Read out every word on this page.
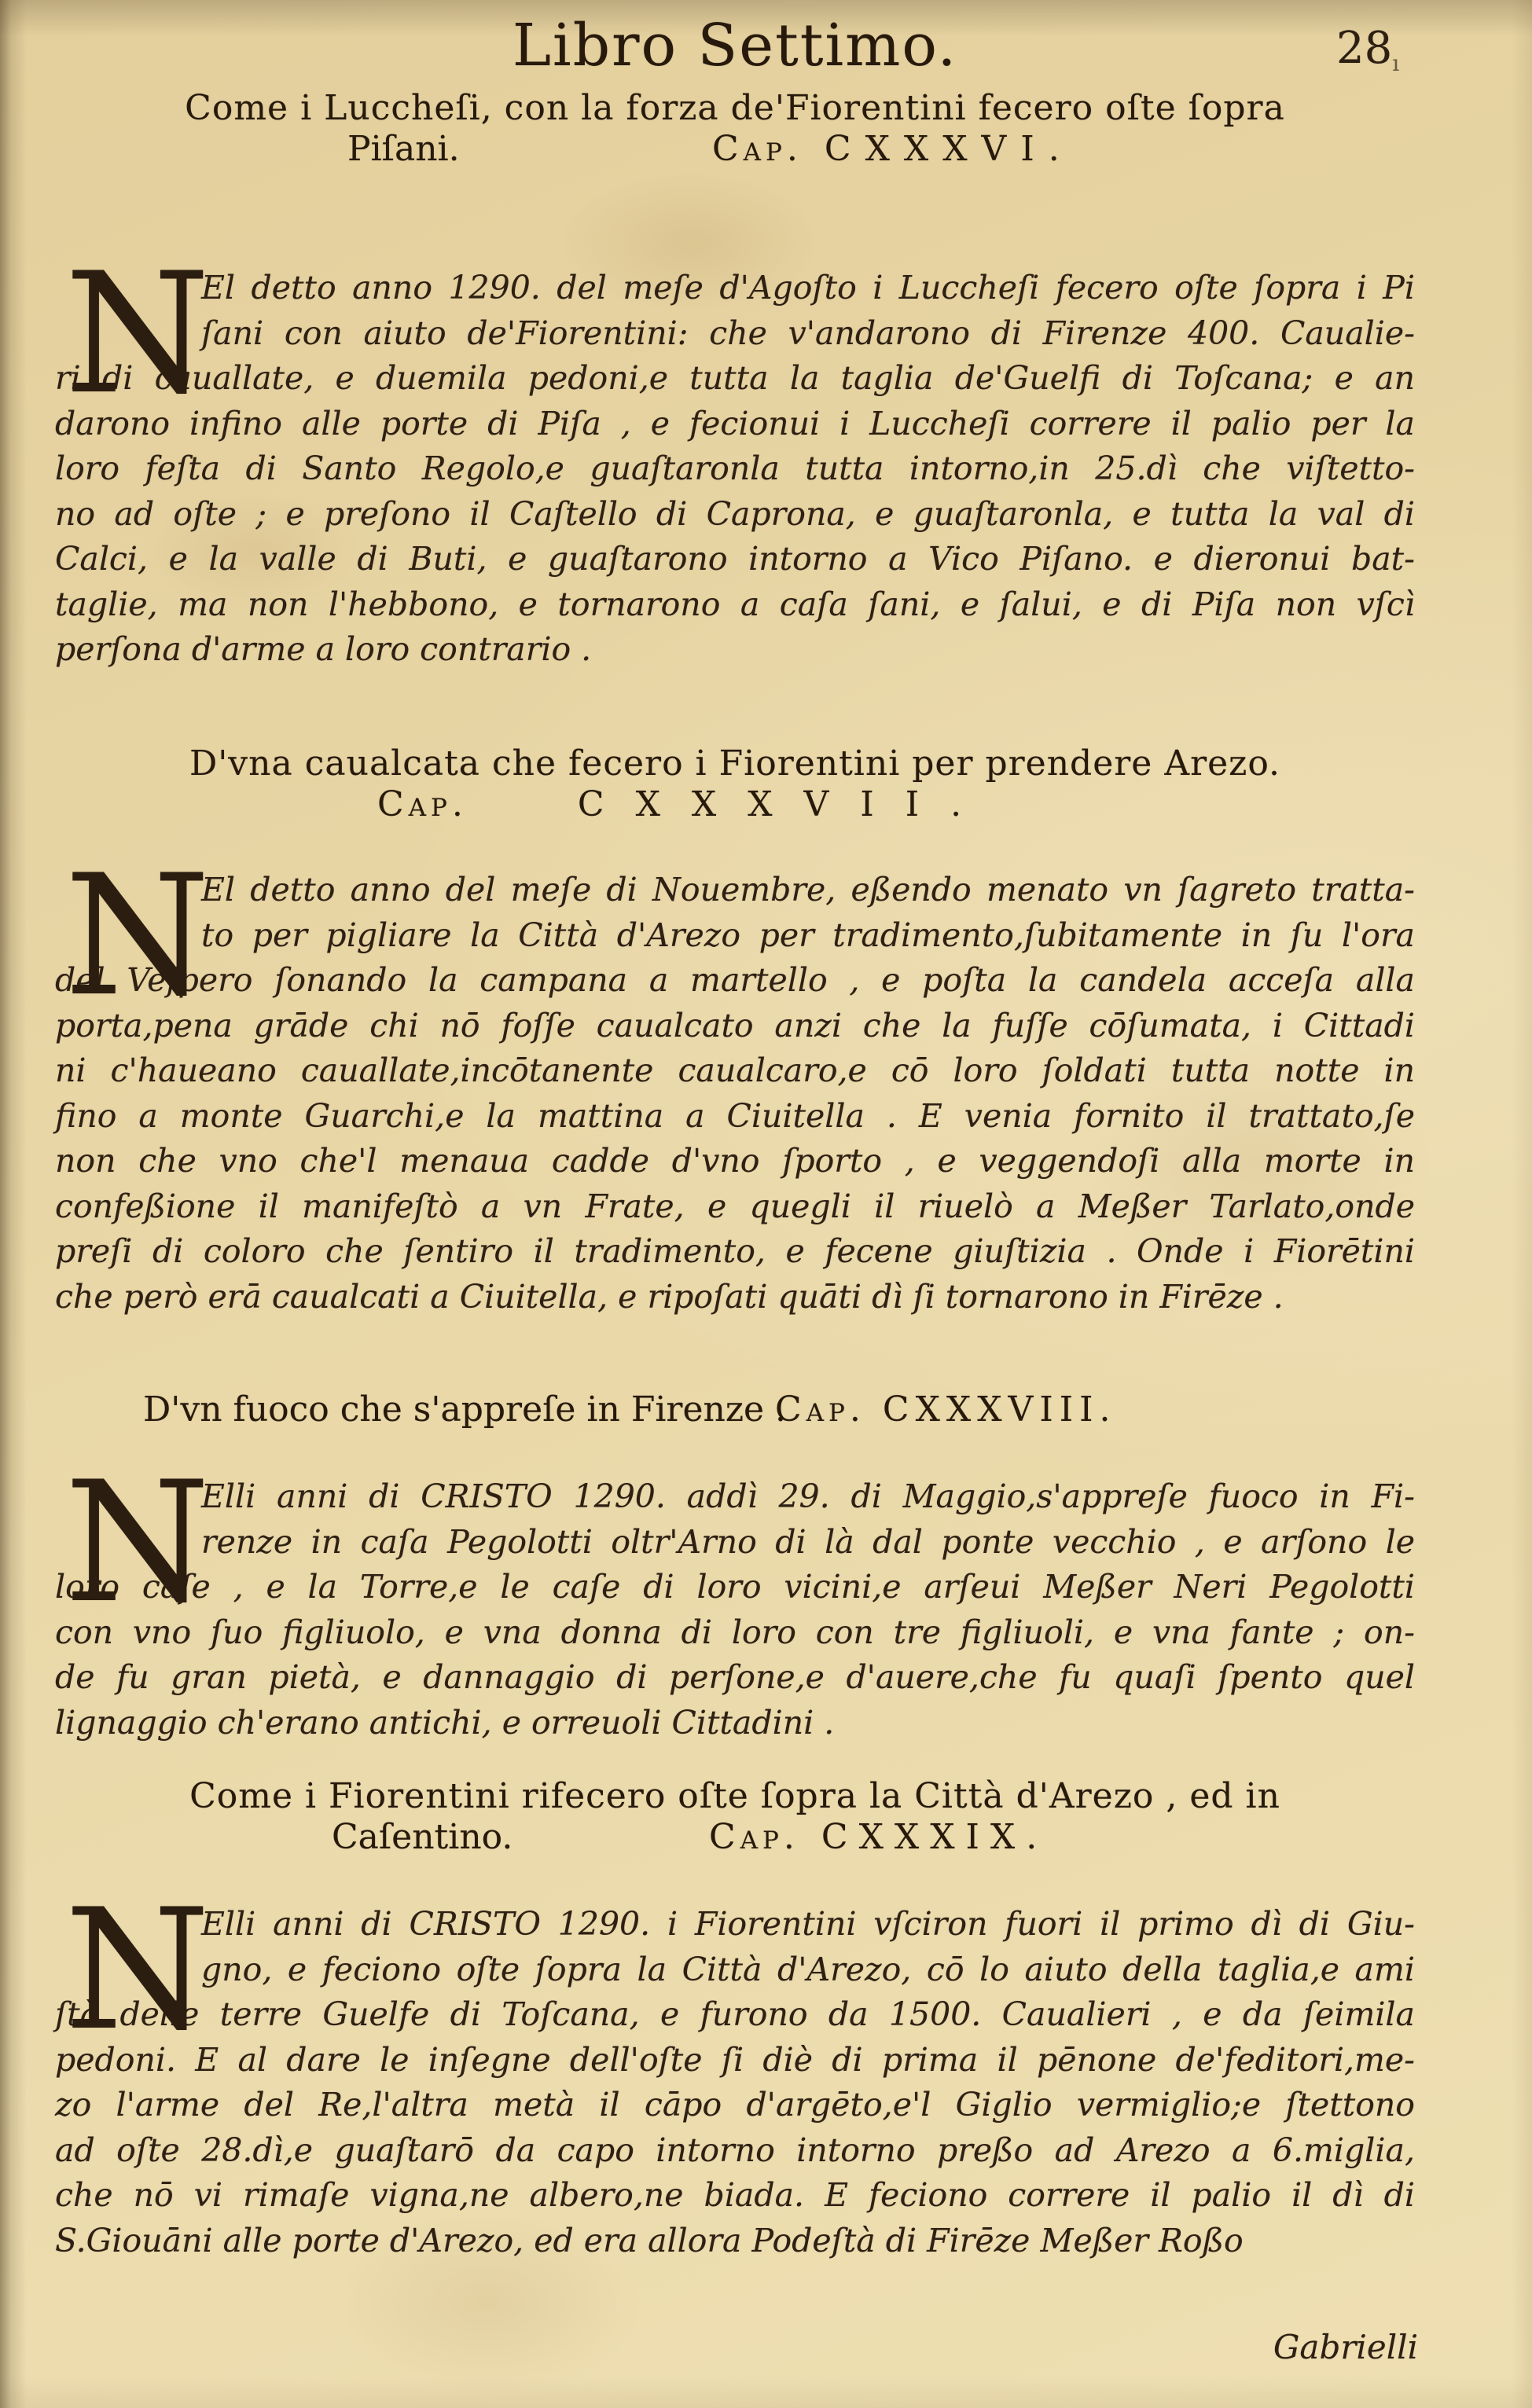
Libro Settimo.	28ı
Come i Luccheſi, con la forza de'Fiorentini fecero oſte ſopra
Piſani.	Cap. CXXXVI.
N
El detto anno 1290. del meſe d'Agoſto i Luccheſi fecero oſte ſopra i Pi
ſani con aiuto de'Fiorentini: che v'andarono di Firenze 400. Caualie-
ri di cauallate, e duemila pedoni,e tutta la taglia de'Guelfi di Toſcana; e an
darono infino alle porte di Piſa , e fecionui i Luccheſi correre il palio per la
loro feſta di Santo Regolo,e guaſtaronla tutta intorno,in 25.dì che viſtetto-
no ad oſte ; e preſono il Caſtello di Caprona, e guaſtaronla, e tutta la val di
Calci, e la valle di Buti, e guaſtarono intorno a Vico Piſano. e dieronui bat-
taglie, ma non l'hebbono, e tornarono a caſa ſani, e ſalui, e di Piſa non vſcì
perſona d'arme a loro contrario .
D'vna caualcata che fecero i Fiorentini per prendere Arezo.
Cap.	CXXXVII.
N
El detto anno del meſe di Nouembre, eßendo menato vn ſagreto tratta-
to per pigliare la Città d'Arezo per tradimento,ſubitamente in ſu l'ora
del Veſpero ſonando la campana a martello , e poſta la candela acceſa alla
porta,pena grāde chi nō foſſe caualcato anzi che la fuſſe cōſumata, i Cittadi
ni c'haueano cauallate,incōtanente caualcaro,e cō loro ſoldati tutta notte in
fino a monte Guarchi,e la mattina a Ciuitella . E venia fornito il trattato,ſe
non che vno che'l menaua cadde d'vno ſporto , e veggendoſi alla morte in
confeßione il manifeſtò a vn Frate, e quegli il riuelò a Meßer Tarlato,onde
preſi di coloro che ſentiro il tradimento, e fecene giuſtizia . Onde i Fiorētini
che però erā caualcati a Ciuitella, e ripoſati quāti dì ſi tornarono in Firēze .
D'vn fuoco che s'appreſe in Firenze .
Cap. CXXXVIII.
N
Elli anni di CRISTO 1290. addì 29. di Maggio,s'appreſe fuoco in Fi-
renze in caſa Pegolotti oltr'Arno di là dal ponte vecchio , e arſono le
loro caſe , e la Torre,e le caſe di loro vicini,e arſeui Meßer Neri Pegolotti
con vno ſuo figliuolo, e vna donna di loro con tre figliuoli, e vna fante ; on-
de fu gran pietà, e dannaggio di perſone,e d'auere,che fu quaſi ſpento quel
lignaggio ch'erano antichi, e orreuoli Cittadini .
Come i Fiorentini rifecero oſte ſopra la Città d'Arezo , ed in
Caſentino.	Cap. CXXXIX.
N
Elli anni di CRISTO 1290. i Fiorentini vſciron fuori il primo dì di Giu-
gno, e feciono oſte ſopra la Città d'Arezo, cō lo aiuto della taglia,e ami
ſtà delle terre Guelfe di Toſcana, e furono da 1500. Caualieri , e da ſeimila
pedoni. E al dare le inſegne dell'oſte ſi diè di prima il pēnone de'feditori,me-
zo l'arme del Re,l'altra metà il cāpo d'argēto,e'l Giglio vermiglio;e ſtettono
ad oſte 28.dì,e guaſtarō da capo intorno intorno preßo ad Arezo a 6.miglia,
che nō vi rimaſe vigna,ne albero,ne biada. E feciono correre il palio il dì di
S.Giouāni alle porte d'Arezo, ed era allora Podeſtà di Firēze Meßer Roßo
Gabrielli
